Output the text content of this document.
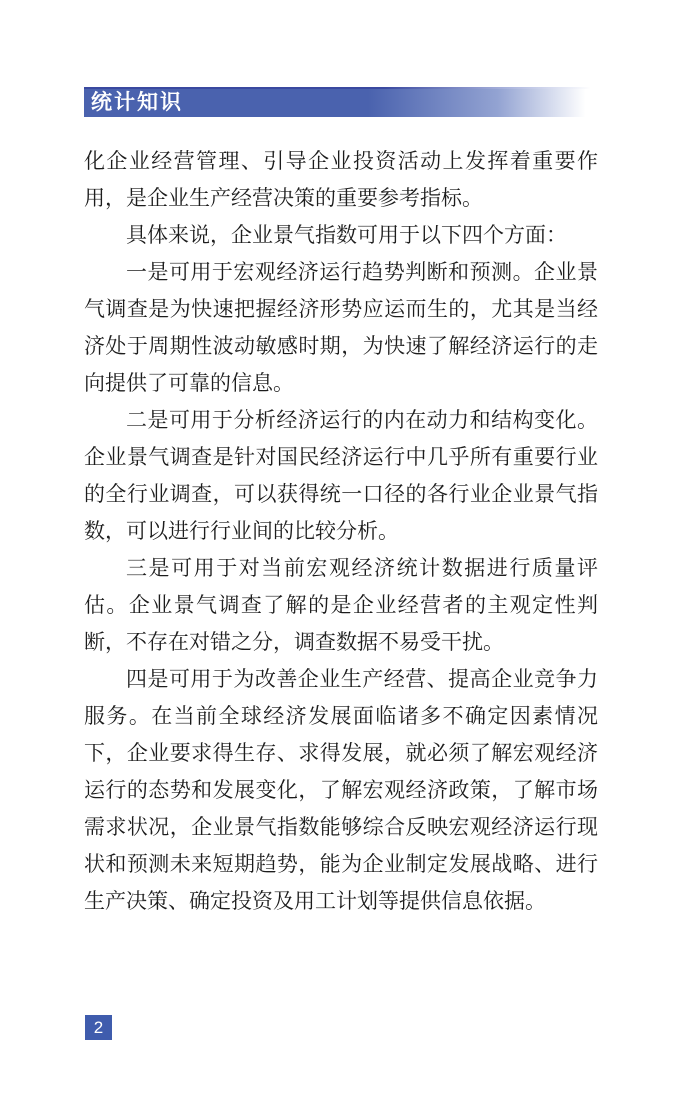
统计知识

化企业经营管理、引导企业投资活动上发挥着重要作用，是企业生产经营决策的重要参考指标。

具体来说，企业景气指数可用于以下四个方面：

一是可用于宏观经济运行趋势判断和预测。企业景气调查是为快速把握经济形势应运而生的，尤其是当经济处于周期性波动敏感时期，为快速了解经济运行的走向提供了可靠的信息。

二是可用于分析经济运行的内在动力和结构变化。企业景气调查是针对国民经济运行中几乎所有重要行业的全行业调查，可以获得统一口径的各行业企业景气指数，可以进行行业间的比较分析。

三是可用于对当前宏观经济统计数据进行质量评估。企业景气调查了解的是企业经营者的主观定性判断，不存在对错之分，调查数据不易受干扰。

四是可用于为改善企业生产经营、提高企业竞争力服务。在当前全球经济发展面临诸多不确定因素情况下，企业要求得生存、求得发展，就必须了解宏观经济运行的态势和发展变化，了解宏观经济政策，了解市场需求状况，企业景气指数能够综合反映宏观经济运行现状和预测未来短期趋势，能为企业制定发展战略、进行生产决策、确定投资及用工计划等提供信息依据。

2
